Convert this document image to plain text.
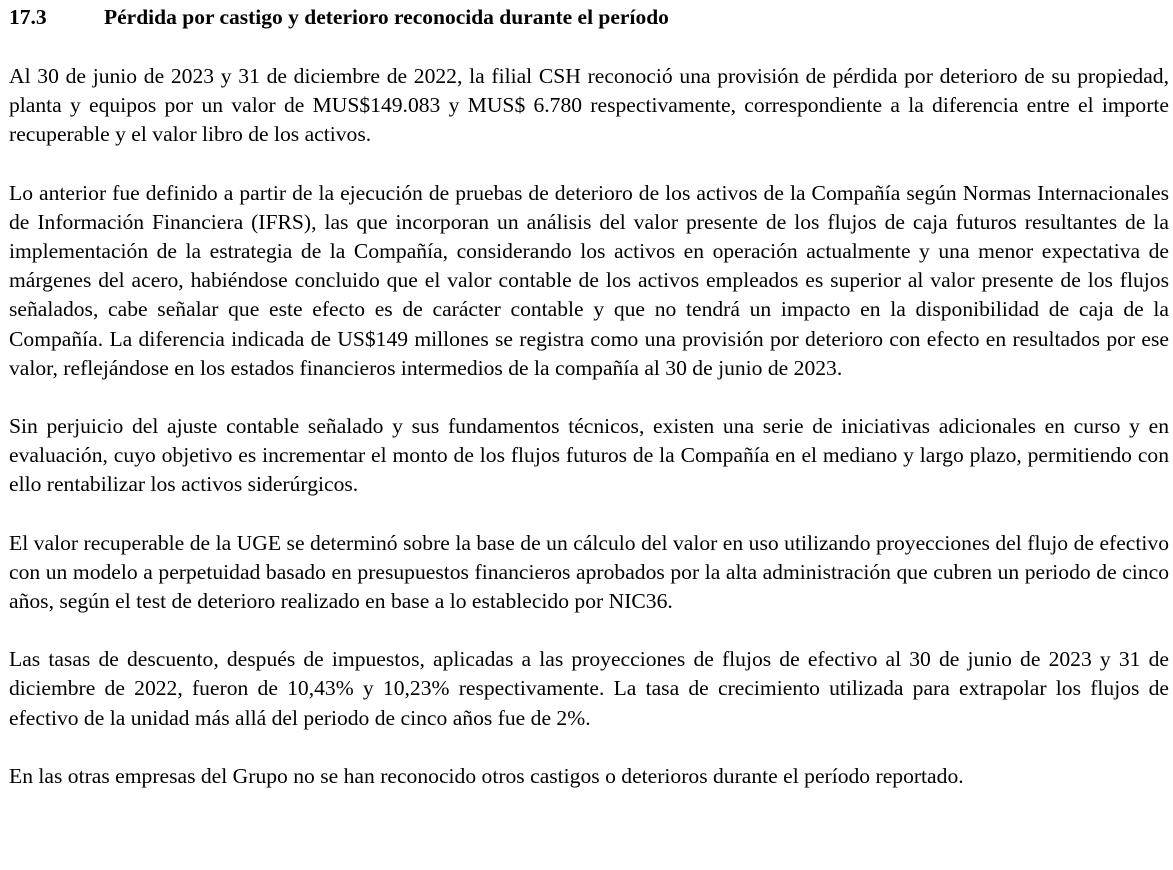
17.3	Pérdida por castigo y deterioro reconocida durante el período

Al 30 de junio de 2023 y 31 de diciembre de 2022, la filial CSH reconoció una provisión de pérdida por deterioro de su propiedad, planta y equipos por un valor de MUS$149.083 y MUS$ 6.780 respectivamente, correspondiente a la diferencia entre el importe recuperable y el valor libro de los activos.

Lo anterior fue definido a partir de la ejecución de pruebas de deterioro de los activos de la Compañía según Normas Internacionales de Información Financiera (IFRS), las que incorporan un análisis del valor presente de los flujos de caja futuros resultantes de la implementación de la estrategia de la Compañía, considerando los activos en operación actualmente y una menor expectativa de márgenes del acero, habiéndose concluido que el valor contable de los activos empleados es superior al valor presente de los flujos señalados, cabe señalar que este efecto es de carácter contable y que no tendrá un impacto en la disponibilidad de caja de la Compañía. La diferencia indicada de US$149 millones se registra como una provisión por deterioro con efecto en resultados por ese valor, reflejándose en los estados financieros intermedios de la compañía al 30 de junio de 2023.

Sin perjuicio del ajuste contable señalado y sus fundamentos técnicos, existen una serie de iniciativas adicionales en curso y en evaluación, cuyo objetivo es incrementar el monto de los flujos futuros de la Compañía en el mediano y largo plazo, permitiendo con ello rentabilizar los activos siderúrgicos.

El valor recuperable de la UGE se determinó sobre la base de un cálculo del valor en uso utilizando proyecciones del flujo de efectivo con un modelo a perpetuidad basado en presupuestos financieros aprobados por la alta administración que cubren un periodo de cinco años, según el test de deterioro realizado en base a lo establecido por NIC36.

Las tasas de descuento, después de impuestos, aplicadas a las proyecciones de flujos de efectivo al 30 de junio de 2023 y 31 de diciembre de 2022, fueron de 10,43% y 10,23% respectivamente. La tasa de crecimiento utilizada para extrapolar los flujos de efectivo de la unidad más allá del periodo de cinco años fue de 2%.

En las otras empresas del Grupo no se han reconocido otros castigos o deterioros durante el período reportado.
